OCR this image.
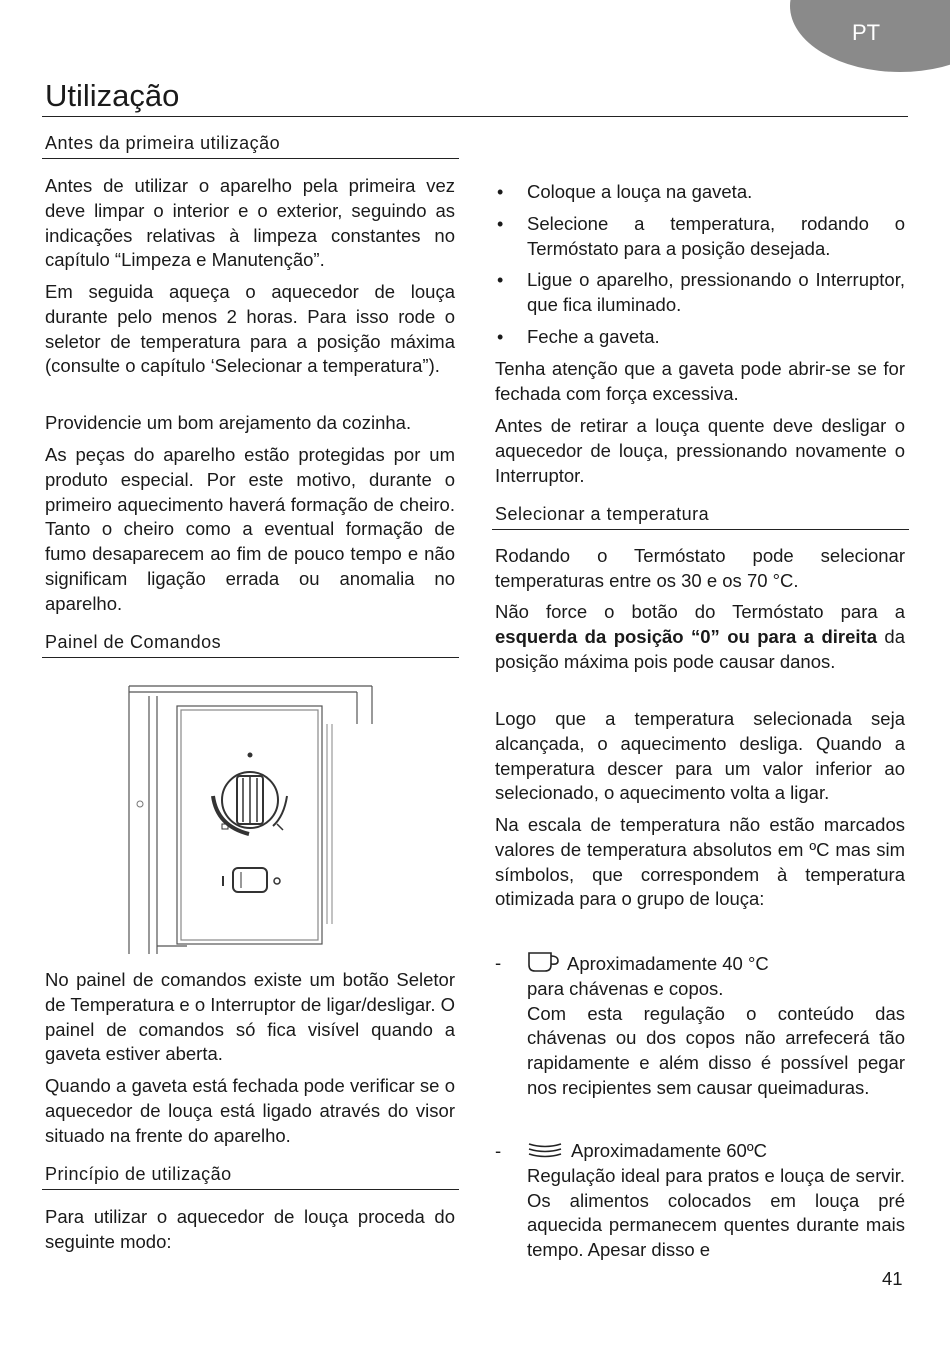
PT
Utilização
Antes da primeira utilização

Antes de utilizar o aparelho pela primeira vez deve limpar o interior e o exterior, seguindo as indicações relativas à limpeza constantes no capítulo “Limpeza e Manutenção”.

Em seguida aqueça o aquecedor de louça durante pelo menos 2 horas. Para isso rode o seletor de temperatura para a posição máxima (consulte o capítulo ‘Selecionar a temperatura”).

Providencie um bom arejamento da cozinha.

As peças do aparelho estão protegidas por um produto especial. Por este motivo, durante o primeiro aquecimento haverá formação de cheiro. Tanto o cheiro como a eventual formação de fumo desaparecem ao fim de pouco tempo e não significam ligação errada ou anomalia no aparelho.

Painel de Comandos

No painel de comandos existe um botão Seletor de Temperatura e o Interruptor de ligar/desligar. O painel de comandos só fica visível quando a gaveta estiver aberta.

Quando a gaveta está fechada pode verificar se o aquecedor de louça está ligado através do visor situado na frente do aparelho.

Princípio de utilização

Para utilizar o aquecedor de louça proceda do seguinte modo:

• Coloque a louça na gaveta.
• Selecione a temperatura, rodando o Termóstato para a posição desejada.
• Ligue o aparelho, pressionando o Interruptor, que fica iluminado.
• Feche a gaveta.

Tenha atenção que a gaveta pode abrir-se se for fechada com força excessiva.

Antes de retirar a louça quente deve desligar o aquecedor de louça, pressionando novamente o Interruptor.

Selecionar a temperatura

Rodando o Termóstato pode selecionar temperaturas entre os 30 e os 70 °C.

Não force o botão do Termóstato para a esquerda da posição “0” ou para a direita da posição máxima pois pode causar danos.

Logo que a temperatura selecionada seja alcançada, o aquecimento desliga. Quando a temperatura descer para um valor inferior ao selecionado, o aquecimento volta a ligar.

Na escala de temperatura não estão marcados valores de temperatura absolutos em ºC mas sim símbolos, que correspondem à temperatura otimizada para o grupo de louça:

-	Aproximadamente 40 °C
para chávenas e copos.
Com esta regulação o conteúdo das chávenas ou dos copos não arrefecerá tão rapidamente e além disso é possível pegar nos recipientes sem causar queimaduras.
-	Aproximadamente 60ºC
Regulação ideal para pratos e louça de servir. Os alimentos colocados em louça pré aquecida permanecem quentes durante mais tempo. Apesar disso e
41
